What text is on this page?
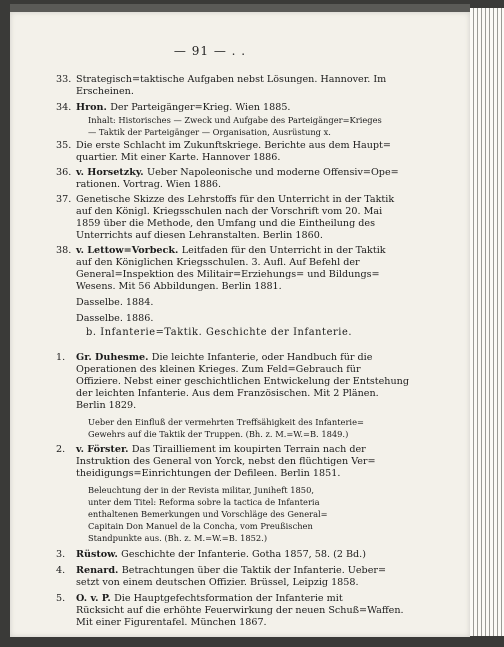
— 91 — . .
33. Strategisch=taktische Aufgaben nebst Lösungen. Hannover. Im
Erscheinen.
34. Hron. Der Parteigänger=Krieg. Wien 1885.
Inhalt: Historisches — Zweck und Aufgabe des Parteigänger=Krieges
— Taktik der Parteigänger — Organisation, Ausrüstung x.
35. Die erste Schlacht im Zukunftskriege. Berichte aus dem Haupt=
quartier. Mit einer Karte. Hannover 1886.
36. v. Horsetzky. Ueber Napoleonische und moderne Offensiv=Ope=
rationen. Vortrag. Wien 1886.
37. Genetische Skizze des Lehrstoffs für den Unterricht in der Taktik
auf den Königl. Kriegsschulen nach der Vorschrift vom 20. Mai
1859 über die Methode, den Umfang und die Eintheilung des
Unterrichts auf diesen Lehranstalten. Berlin 1860.
38. v. Lettow=Vorbeck. Leitfaden für den Unterricht in der Taktik
auf den Königlichen Kriegsschulen. 3. Aufl. Auf Befehl der
General=Inspektion des Militair=Erziehungs= und Bildungs=
Wesens. Mit 56 Abbildungen. Berlin 1881.
Dasselbe. 1884.
Dasselbe. 1886.
b. Infanterie=Taktik. Geschichte der Infanterie.
1. Gr. Duhesme. Die leichte Infanterie, oder Handbuch für die
Operationen des kleinen Krieges. Zum Feld=Gebrauch für
Offiziere. Nebst einer geschichtlichen Entwickelung der Entstehung
der leichten Infanterie. Aus dem Französischen. Mit 2 Plänen.
Berlin 1829.
Ueber den Einfluß der vermehrten Treffsähigkeit des Infanterie=
Gewehrs auf die Taktik der Truppen. (Bh. z. M.=W.=B. 1849.)
2. v. Förster. Das Tirailliement im koupirten Terrain nach der
Instruktion des General von Yorck, nebst den flüchtigen Ver=
theidigungs=Einrichtungen der Defileen. Berlin 1851.
Beleuchtung der in der Revista militar, Juniheft 1850,
unter dem Titel: Reforma sobre la tactica de Infanteria
enthaltenen Bemerkungen und Vorschläge des General=
Capitain Don Manuel de la Concha, vom Preußischen
Standpunkte aus. (Bh. z. M.=W.=B. 1852.)
3. Rüstow. Geschichte der Infanterie. Gotha 1857, 58. (2 Bd.)
4. Renard. Betrachtungen über die Taktik der Infanterie. Ueber=
setzt von einem deutschen Offizier. Brüssel, Leipzig 1858.
5. O. v. P. Die Hauptgefechtsformation der Infanterie mit
Rücksicht auf die erhöhte Feuerwirkung der neuen Schuß=Waffen.
Mit einer Figurentafel. München 1867.
